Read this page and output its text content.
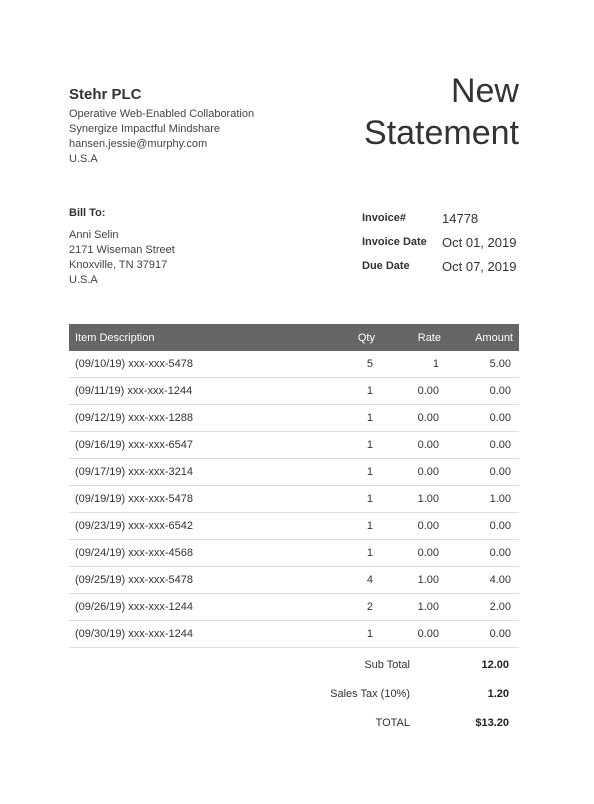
Stehr PLC
Operative Web-Enabled Collaboration
Synergize Impactful Mindshare
hansen.jessie@murphy.com
U.S.A
New
Statement
Bill To:
Anni Selin
2171 Wiseman Street
Knoxville, TN 37917
U.S.A
Invoice#	14778
Invoice Date	Oct 01, 2019
Due Date	Oct 07, 2019
Item Description	Qty	Rate	Amount
(09/10/19) xxx-xxx-5478	5	1	5.00
(09/11/19) xxx-xxx-1244	1	0.00	0.00
(09/12/19) xxx-xxx-1288	1	0.00	0.00
(09/16/19) xxx-xxx-6547	1	0.00	0.00
(09/17/19) xxx-xxx-3214	1	0.00	0.00
(09/19/19) xxx-xxx-5478	1	1.00	1.00
(09/23/19) xxx-xxx-6542	1	0.00	0.00
(09/24/19) xxx-xxx-4568	1	0.00	0.00
(09/25/19) xxx-xxx-5478	4	1.00	4.00
(09/26/19) xxx-xxx-1244	2	1.00	2.00
(09/30/19) xxx-xxx-1244	1	0.00	0.00
Sub Total	12.00
Sales Tax (10%)	1.20
TOTAL	$13.20
